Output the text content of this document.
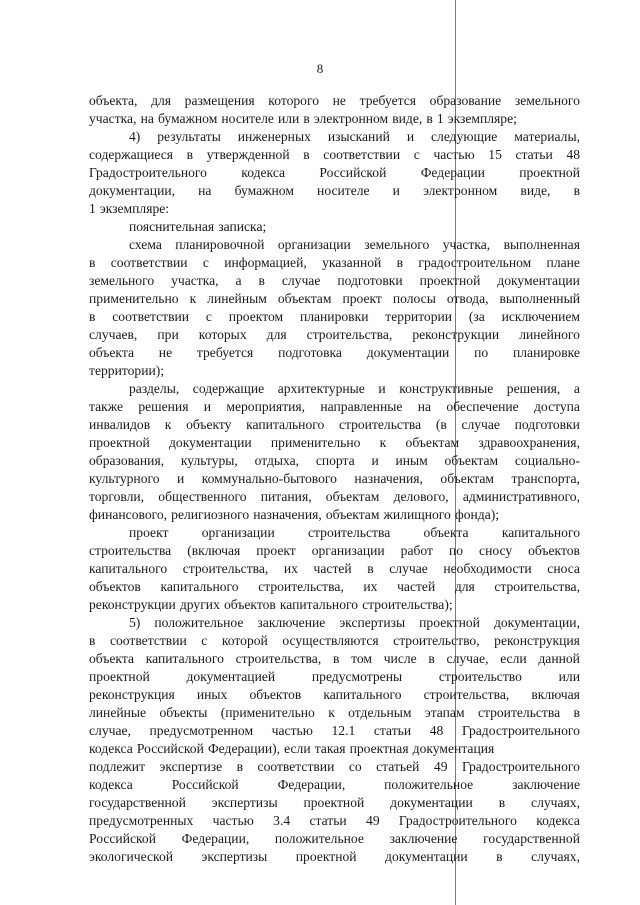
8
объекта, для размещения которого не требуется образование земельного
участка, на бумажном носителе или в электронном виде, в 1 экземпляре;
4) результаты инженерных изысканий и следующие материалы,
содержащиеся в утвержденной в соответствии с частью 15 статьи 48
Градостроительного	кодекса	Российской	Федерации	проектной
документации, на бумажном носителе и электронном виде, в
1 экземпляре:
пояснительная записка;
схема планировочной организации земельного участка, выполненная
в соответствии с информацией, указанной в градостроительном плане
земельного участка, а в случае подготовки проектной документации
применительно к линейным объектам проект полосы отвода, выполненный
в соответствии с проектом планировки территории (за исключением
случаев, при которых для строительства, реконструкции линейного
объекта не требуется подготовка документации по планировке
территории);
разделы, содержащие архитектурные и конструктивные решения, а
также решения и мероприятия, направленные на обеспечение доступа
инвалидов к объекту капитального строительства (в случае подготовки
проектной документации применительно к объектам здравоохранения,
образования, культуры, отдыха, спорта и иным объектам социально-
культурного и коммунально-бытового назначения, объектам транспорта,
торговли, общественного питания, объектам делового, административного,
финансового, религиозного назначения, объектам жилищного фонда);
проект организации строительства объекта капитального
строительства (включая проект организации работ по сносу объектов
капитального строительства, их частей в случае необходимости сноса
объектов капитального строительства, их частей для строительства,
реконструкции других объектов капитального строительства);
5) положительное заключение экспертизы проектной документации,
в соответствии с которой осуществляются строительство, реконструкция
объекта капитального строительства, в том числе в случае, если данной
проектной	документацией	предусмотрены	строительство	или
реконструкция иных объектов капитального строительства, включая
линейные объекты (применительно к отдельным этапам строительства в
случае, предусмотренном частью 12.1 статьи 48 Градостроительного
кодекса Российской Федерации), если такая проектная документация
подлежит экспертизе в соответствии со статьей 49 Градостроительного
кодекса	Российской	Федерации,	положительное	заключение
государственной экспертизы проектной документации в случаях,
предусмотренных частью 3.4 статьи 49 Градостроительного кодекса
Российской Федерации, положительное заключение государственной
экологической экспертизы проектной документации в случаях,
